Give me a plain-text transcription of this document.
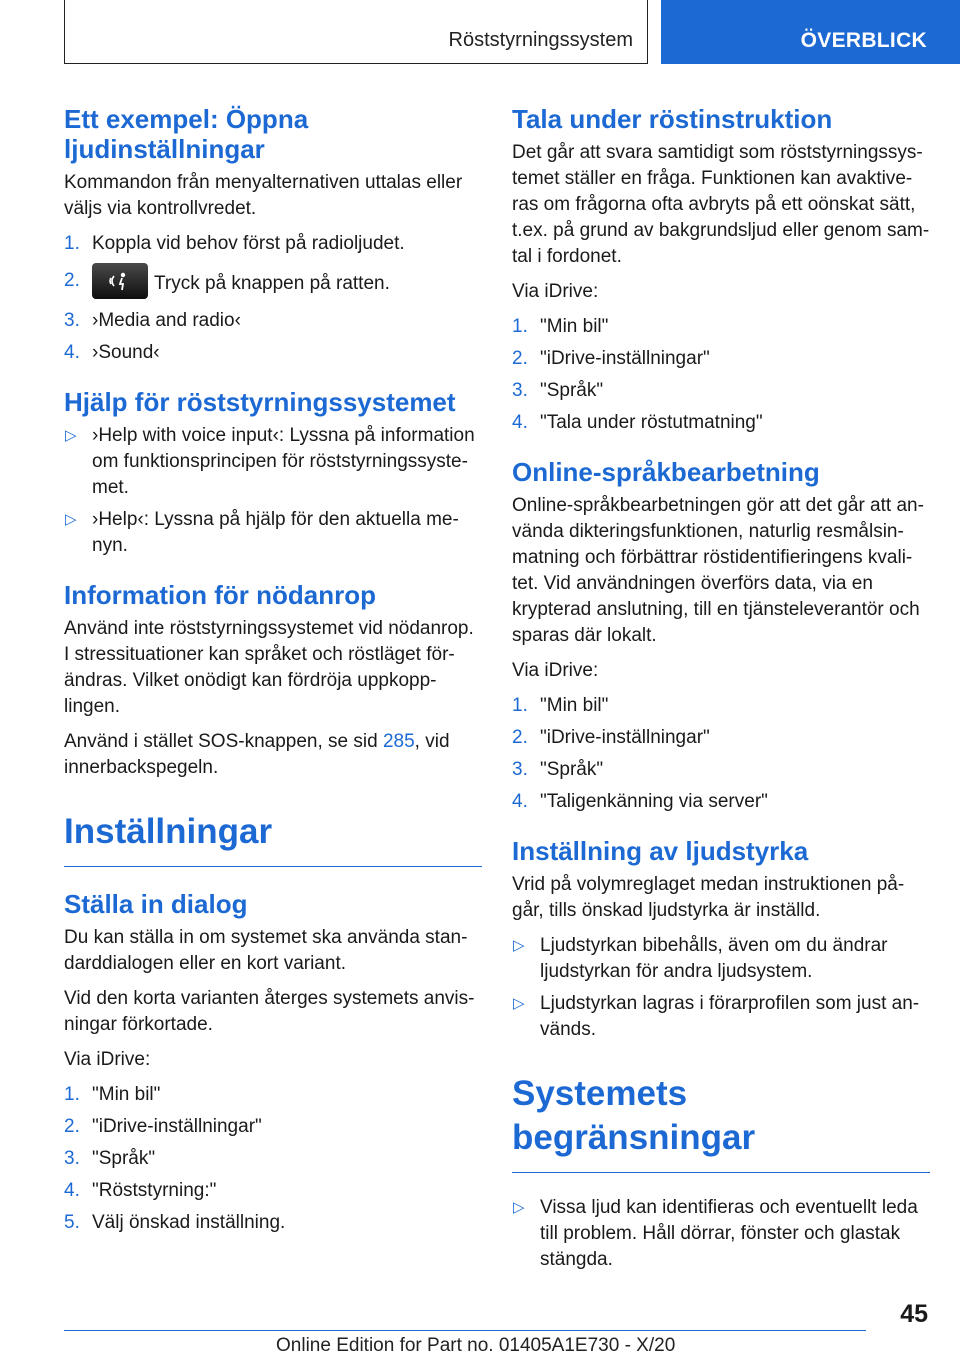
Röststyrningssystem	ÖVERBLICK
Ett exempel: Öppna ljudinställningar

Kommandon från menyalternativen uttalas eller väljs via kontrollvredet.

1. Koppla vid behov först på radioljudet.
2.	Tryck på knappen på ratten.
3. ›Media and radio‹
4. ›Sound‹
Hjälp för röststyrningssystemet
▷ ›Help with voice input‹: Lyssna på information om funktionsprincipen för röststyrningssyste- met.
▷ ›Help‹: Lyssna på hjälp för den aktuella me- nyn.
Information för nödanrop

Använd inte röststyrningssystemet vid nödanrop. I stressituationer kan språket och röstläget för- ändras. Vilket onödigt kan fördröja uppkopp- lingen.

Använd i stället SOS-knappen, se sid 285, vid innerbackspegeln.

Inställningar
Ställa in dialog

Du kan ställa in om systemet ska använda stan- darddialogen eller en kort variant.

Vid den korta varianten återges systemets anvis- ningar förkortade.

Via iDrive:

1. "Min bil"
2. "iDrive-inställningar"
3. "Språk"
4. "Röststyrning:"
5. Välj önskad inställning.
Tala under röstinstruktion

Det går att svara samtidigt som röststyrningssys- temet ställer en fråga. Funktionen kan avaktive- ras om frågorna ofta avbryts på ett oönskat sätt, t.ex. på grund av bakgrundsljud eller genom sam- tal i fordonet.

Via iDrive:

1. "Min bil"
2. "iDrive-inställningar"
3. "Språk"
4. "Tala under röstutmatning"
Online-språkbearbetning

Online-språkbearbetningen gör att det går att an- vända dikteringsfunktionen, naturlig resmålsin- matning och förbättrar röstidentifieringens kvali- tet. Vid användningen överförs data, via en krypterad anslutning, till en tjänsteleverantör och sparas där lokalt.

Via iDrive:

1. "Min bil"
2. "iDrive-inställningar"
3. "Språk"
4. "Taligenkänning via server"
Inställning av ljudstyrka

Vrid på volymreglaget medan instruktionen på- går, tills önskad ljudstyrka är inställd.

▷ Ljudstyrkan bibehålls, även om du ändrar ljudstyrkan för andra ljudsystem.
▷ Ljudstyrkan lagras i förarprofilen som just an- vänds.
Systemets begränsningar
▷ Vissa ljud kan identifieras och eventuellt leda till problem. Håll dörrar, fönster och glastak stängda.
45
Online Edition for Part no. 01405A1E730 - X/20
